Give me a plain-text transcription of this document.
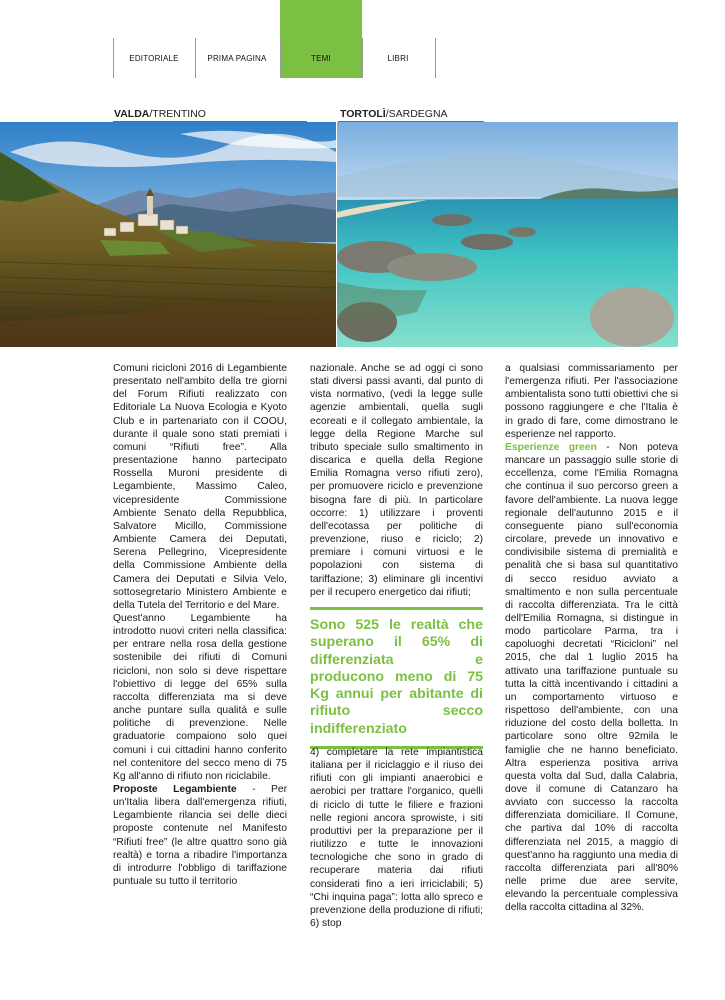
EDITORIALE	PRIMA PAGINA	TEMI	LIBRI
VALDA/TRENTINO	TORTOLÌ/SARDEGNA

Comuni ricicloni 2016 di Legambiente presentato nell'ambito della tre giorni del Forum Rifiuti realizzato con Editoriale La Nuova Ecologia e Kyoto Club e in partenariato con il COOU, durante il quale sono stati premiati i comuni “Rifiuti free”. Alla presentazione hanno partecipato Rossella Muroni presidente di Legambiente, Massimo Caleo, vicepresidente Commissione Ambiente Senato della Repubblica, Salvatore Micillo, Commissione Ambiente Camera dei Deputati, Serena Pellegrino, Vicepresidente della Commissione Ambiente della Camera dei Deputati e Silvia Velo, sottosegretario Ministero Ambiente e della Tutela del Territorio e del Mare.

Quest'anno Legambiente ha introdotto nuovi criteri nella classifica: per entrare nella rosa della gestione sostenibile dei rifiuti di Comuni ricicloni, non solo si deve rispettare l'obiettivo di legge del 65% sulla raccolta differenziata ma si deve anche puntare sulla qualità e sulle politiche di prevenzione. Nelle graduatorie compaiono solo quei comuni i cui cittadini hanno conferito nel contenitore del secco meno di 75 Kg all'anno di rifiuto non riciclabile.

Proposte Legambiente - Per un'Italia libera dall'emergenza rifiuti, Legambiente rilancia sei delle dieci proposte contenute nel Manifesto “Rifiuti free” (le altre quattro sono già realtà) e torna a ribadire l'importanza di introdurre l'obbligo di tariffazione puntuale su tutto il territorio

nazionale. Anche se ad oggi ci sono stati diversi passi avanti, dal punto di vista normativo, (vedi la legge sulle agenzie ambientali, quella sugli ecoreati e il collegato ambientale, la legge della Regione Marche sul tributo speciale sullo smaltimento in discarica e quella della Regione Emilia Romagna verso rifiuti zero), per promuovere riciclo e prevenzione bisogna fare di più. In particolare occorre: 1) utilizzare i proventi dell'ecotassa per politiche di prevenzione, riuso e riciclo; 2) premiare i comuni virtuosi e le popolazioni con sistema di tariffazione; 3) eliminare gli incentivi per il recupero energetico dai rifiuti;

Sono 525 le realtà che superano il 65% di differenziata e producono meno di 75 Kg annui per abitante di rifiuto secco indifferenziato

4) completare la rete impiantistica italiana per il riciclaggio e il riuso dei rifiuti con gli impianti anaerobici e aerobici per trattare l'organico, quelli di riciclo di tutte le filiere e frazioni nelle regioni ancora sprowiste, i siti produttivi per la preparazione per il riutilizzo e tutte le innovazioni tecnologiche che sono in grado di recuperare materia dai rifiuti considerati fino a ieri irriciclabili; 5) “Chi inquina paga”: lotta allo spreco e prevenzione della produzione di rifiuti; 6) stop

a qualsiasi commissariamento per l'emergenza rifiuti. Per l'associazione ambientalista sono tutti obiettivi che si possono raggiungere e che l'Italia è in grado di fare, come dimostrano le esperienze nel rapporto.

Esperienze green - Non poteva mancare un passaggio sulle storie di eccellenza, come l'Emilia Romagna che continua il suo percorso green a favore dell'ambiente. La nuova legge regionale dell'autunno 2015 e il conseguente piano sull'economia circolare, prevede un innovativo e condivisibile sistema di premialità e penalità che si basa sul quantitativo di secco residuo avviato a smaltimento e non sulla percentuale di raccolta differenziata. Tra le città dell'Emilia Romagna, si distingue in modo particolare Parma, tra i capoluoghi decretati “Ricicloni” nel 2015, che dal 1 luglio 2015 ha attivato una tariffazione puntuale su tutta la città incentivando i cittadini a un comportamento virtuoso e rispettoso dell'ambiente, con una riduzione del costo della bolletta. In particolare sono oltre 92mila le famiglie che ne hanno beneficiato. Altra esperienza positiva arriva questa volta dal Sud, dalla Calabria, dove il comune di Catanzaro ha avviato con successo la raccolta differenziata domiciliare. Il Comune, che partiva dal 10% di raccolta differenziata nel 2015, a maggio di quest'anno ha raggiunto una media di raccolta differenziata pari all'80% nelle prime due aree servite, elevando la percentuale complessiva della raccolta cittadina al 32%.
